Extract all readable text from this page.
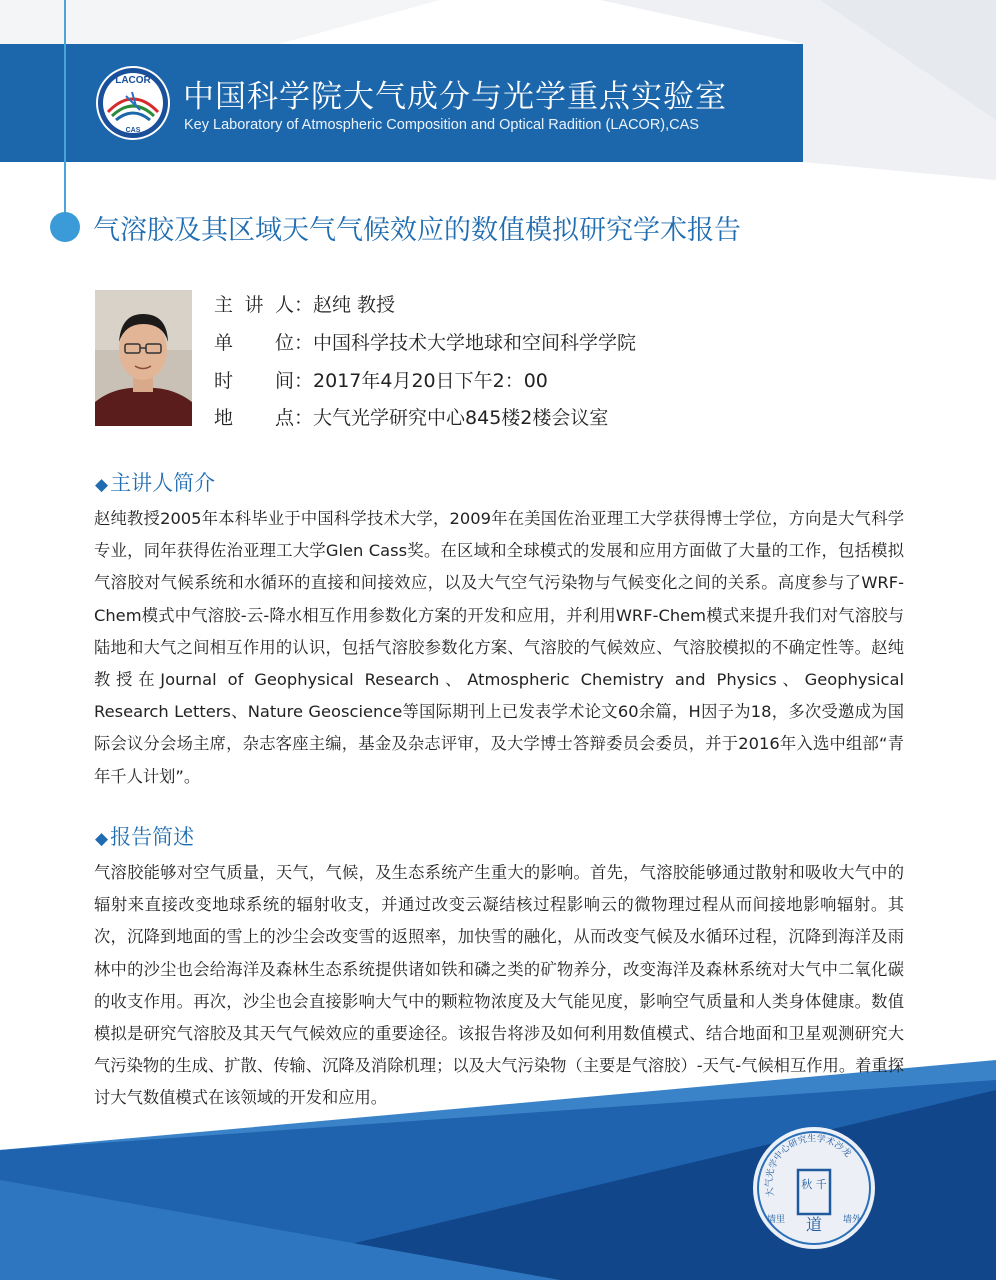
LACOR
CAS
中国科学院大气成分与光学重点实验室
Key Laboratory of Atmospheric Composition and Optical Radition (LACOR),CAS
气溶胶及其区域天气气候效应的数值模拟研究学术报告
主讲人：赵纯 教授
单 位：中国科学技术大学地球和空间科学学院
时 间：2017年4月20日下午2：00
地 点：大气光学研究中心845楼2楼会议室
◆主讲人简介
赵纯教授2005年本科毕业于中国科学技术大学，2009年在美国佐治亚理工大学获得博士学位，方向是大气科学专业，同年获得佐治亚理工大学Glen Cass奖。在区域和全球模式的发展和应用方面做了大量的工作，包括模拟气溶胶对气候系统和水循环的直接和间接效应，以及大气空气污染物与气候变化之间的关系。高度参与了WRF-Chem模式中气溶胶-云-降水相互作用参数化方案的开发和应用，并利用WRF-Chem模式来提升我们对气溶胶与陆地和大气之间相互作用的认识，包括气溶胶参数化方案、气溶胶的气候效应、气溶胶模拟的不确定性等。赵纯教授在Journal of Geophysical Research、Atmospheric Chemistry and Physics、Geophysical Research Letters、Nature Geoscience等国际期刊上已发表学术论文60余篇，H因子为18，多次受邀成为国际会议分会场主席，杂志客座主编，基金及杂志评审，及大学博士答辩委员会委员，并于2016年入选中组部“青年千人计划”。
◆报告简述
气溶胶能够对空气质量，天气，气候，及生态系统产生重大的影响。首先，气溶胶能够通过散射和吸收大气中的辐射来直接改变地球系统的辐射收支，并通过改变云凝结核过程影响云的微物理过程从而间接地影响辐射。其次，沉降到地面的雪上的沙尘会改变雪的返照率，加快雪的融化，从而改变气候及水循环过程，沉降到海洋及雨林中的沙尘也会给海洋及森林生态系统提供诸如铁和磷之类的矿物养分，改变海洋及森林系统对大气中二氧化碳的收支作用。再次，沙尘也会直接影响大气中的颗粒物浓度及大气能见度，影响空气质量和人类身体健康。数值模拟是研究气溶胶及其天气气候效应的重要途径。该报告将涉及如何利用数值模式、结合地面和卫星观测研究大气污染物的生成、扩散、传输、沉降及消除机理；以及大气污染物（主要是气溶胶）-天气-气候相互作用。着重探讨大气数值模式在该领域的开发和应用。
大气光学中心研究生学术沙龙
秋 千
道
墙里	墙外
